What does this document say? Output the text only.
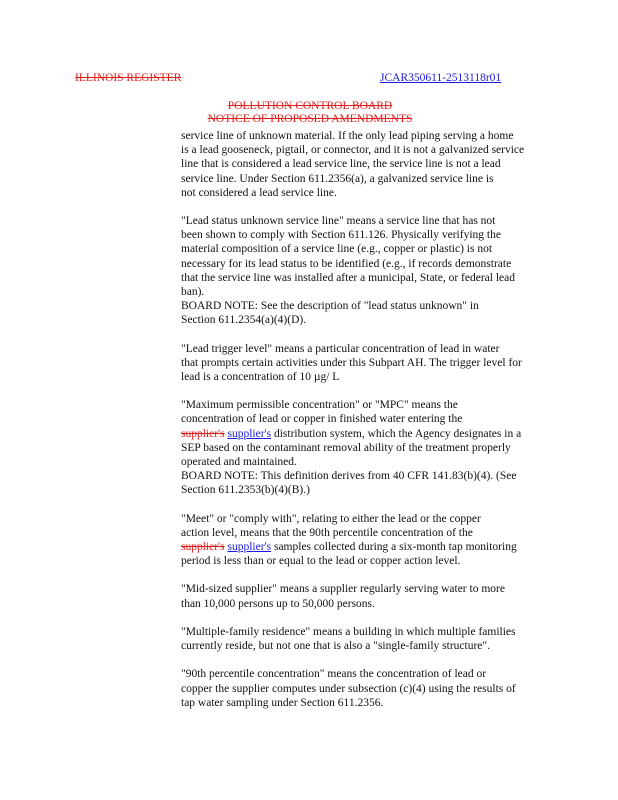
ILLINOIS REGISTER	JCAR350611-2513118r01
POLLUTION CONTROL BOARD
NOTICE OF PROPOSED AMENDMENTS
service line of unknown material. If the only lead piping serving a home
is a lead gooseneck, pigtail, or connector, and it is not a galvanized service
line that is considered a lead service line, the service line is not a lead
service line. Under Section 611.2356(a), a galvanized service line is
not considered a lead service line.
"Lead status unknown service line" means a service line that has not
been shown to comply with Section 611.126. Physically verifying the
material composition of a service line (e.g., copper or plastic) is not
necessary for its lead status to be identified (e.g., if records demonstrate
that the service line was installed after a municipal, State, or federal lead
ban).
BOARD NOTE: See the description of "lead status unknown" in
Section 611.2354(a)(4)(D).
"Lead trigger level" means a particular concentration of lead in water
that prompts certain activities under this Subpart AH. The trigger level for
lead is a concentration of 10 µg/ L
"Maximum permissible concentration" or "MPC" means the
concentration of lead or copper in finished water entering the
supplier's supplier's distribution system, which the Agency designates in a
SEP based on the contaminant removal ability of the treatment properly
operated and maintained.
BOARD NOTE: This definition derives from 40 CFR 141.83(b)(4). (See
Section 611.2353(b)(4)(B).)
"Meet" or "comply with", relating to either the lead or the copper
action level, means that the 90th percentile concentration of the
supplier's supplier's samples collected during a six-month tap monitoring
period is less than or equal to the lead or copper action level.
"Mid-sized supplier" means a supplier regularly serving water to more
than 10,000 persons up to 50,000 persons.
"Multiple-family residence" means a building in which multiple families
currently reside, but not one that is also a "single-family structure".
"90th percentile concentration" means the concentration of lead or
copper the supplier computes under subsection (c)(4) using the results of
tap water sampling under Section 611.2356.
